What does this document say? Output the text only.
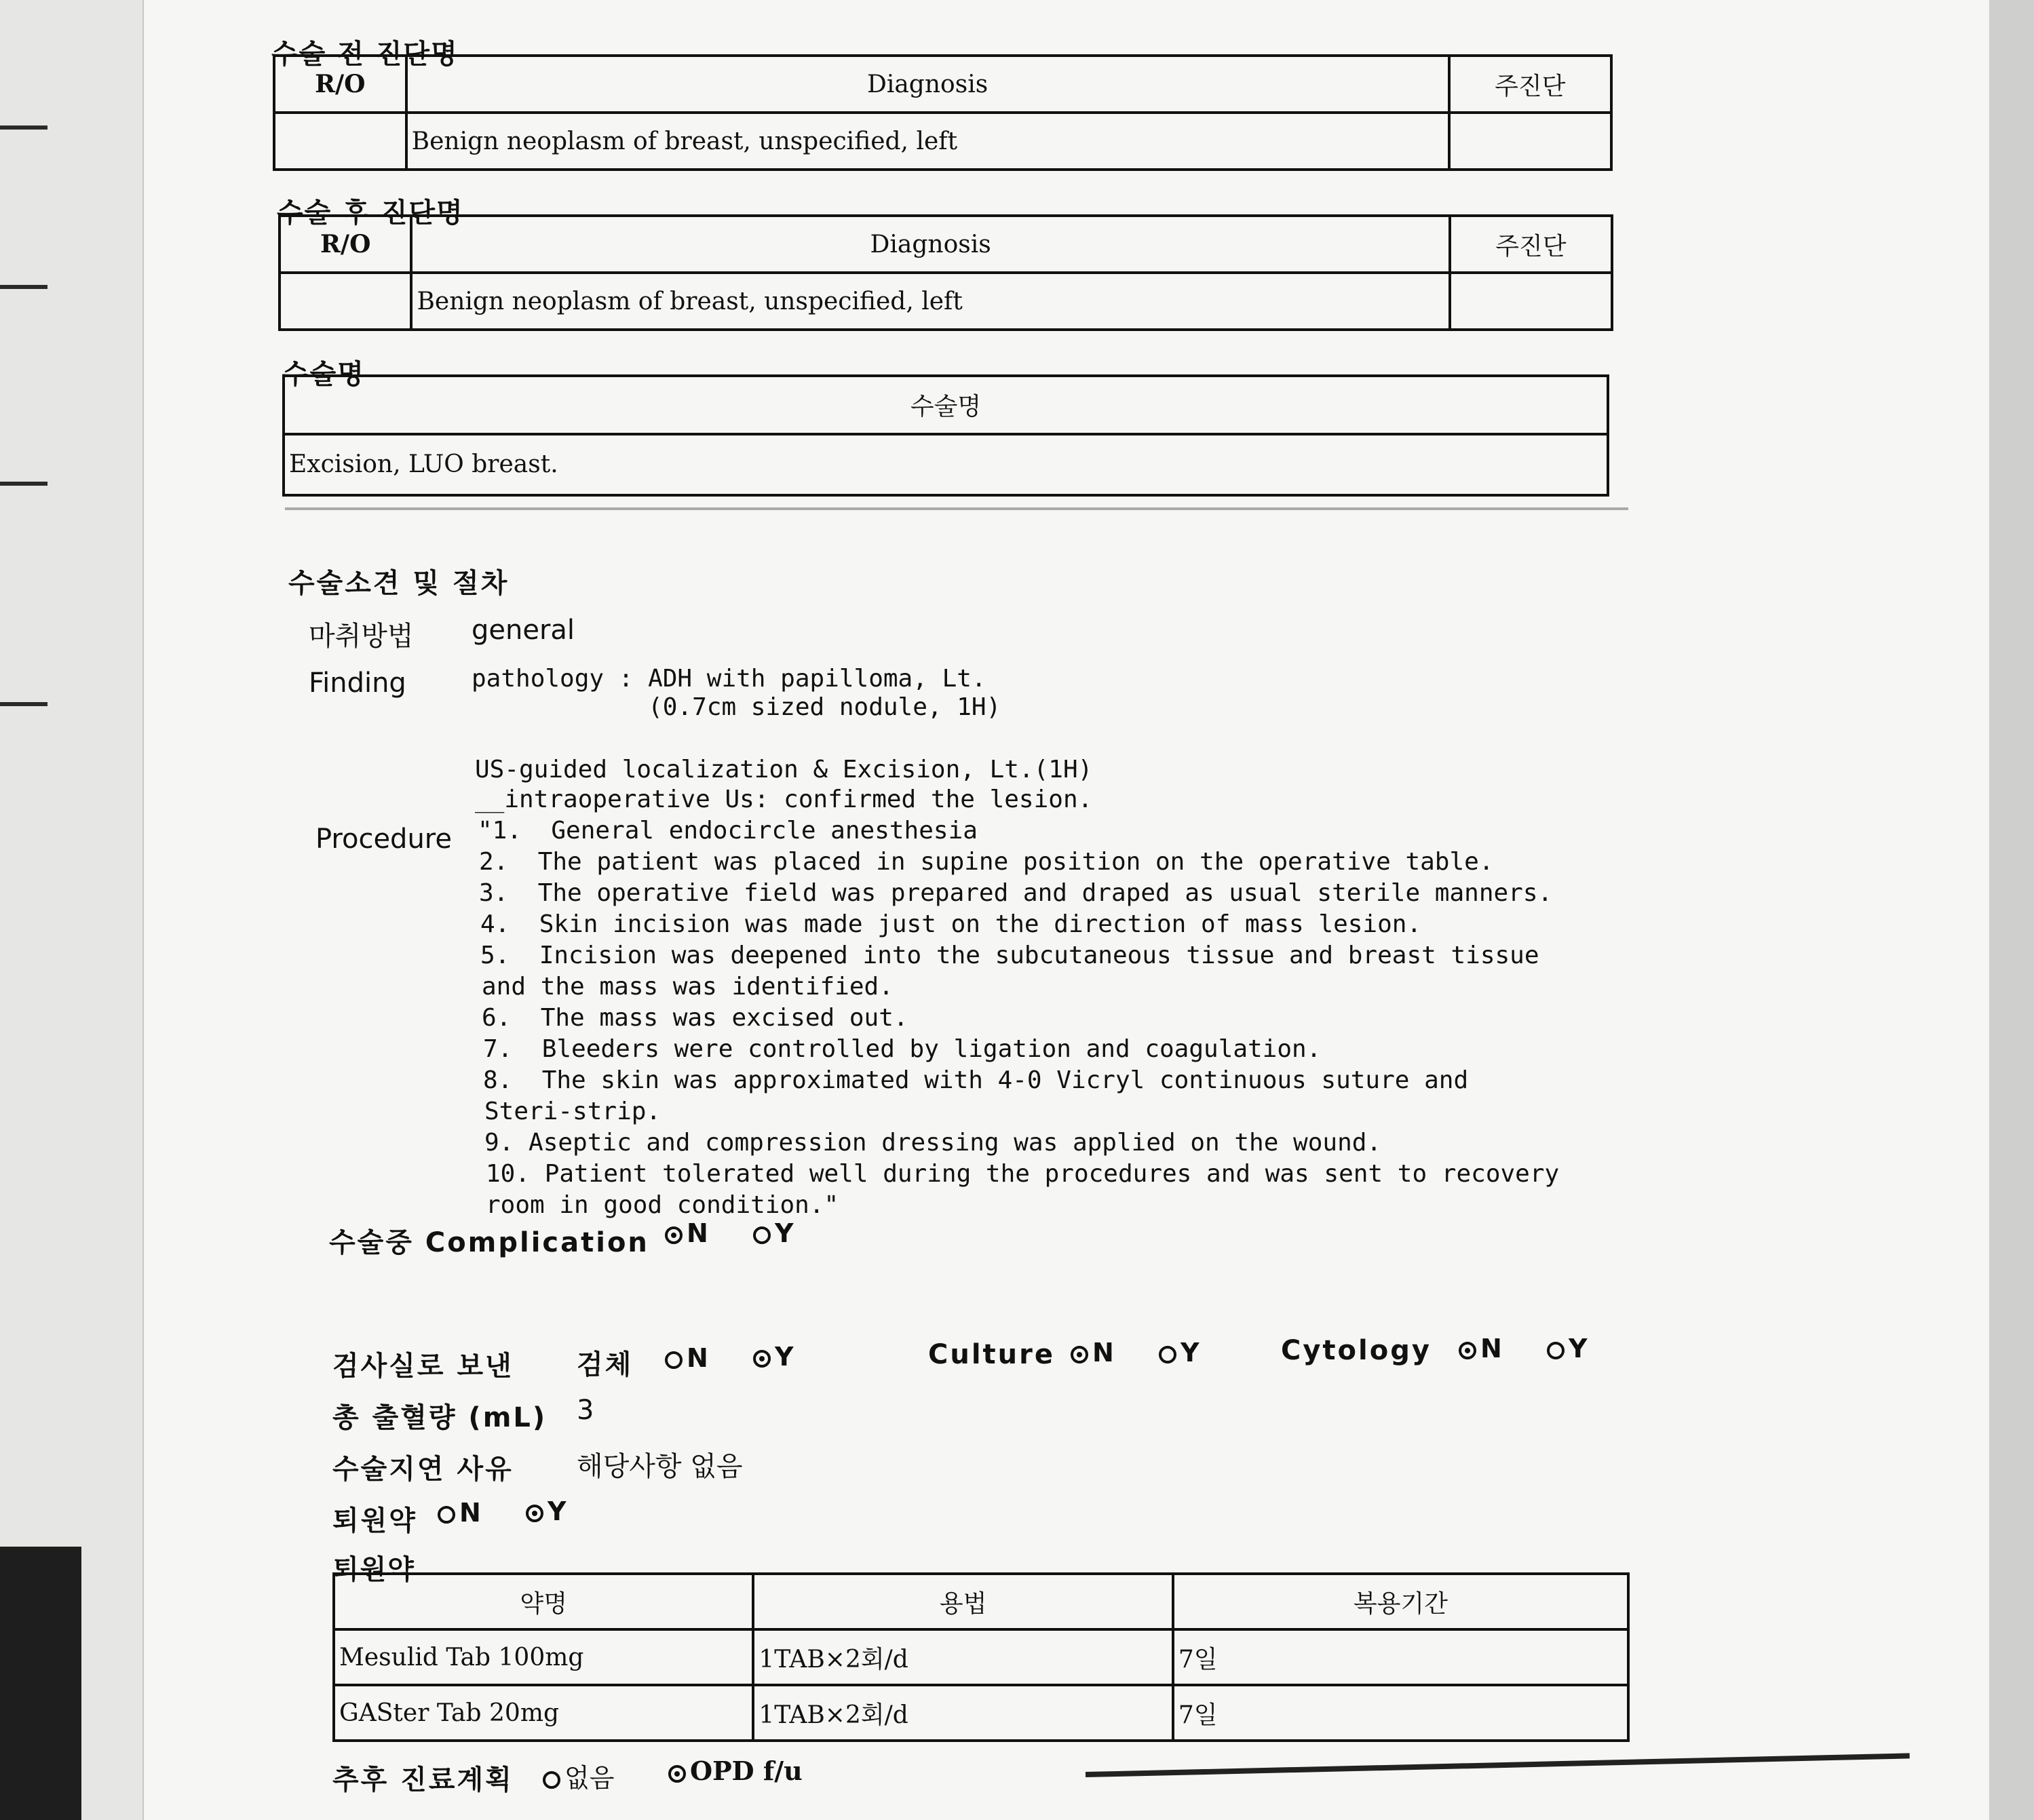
수술 전 진단명
R/O	Diagnosis	주진단
	Benign neoplasm of breast, unspecified, left	
수술 후 진단명
R/O	Diagnosis	주진단
	Benign neoplasm of breast, unspecified, left	
수술명
수술명
Excision, LUO breast.
수술소견 및 절차
마취방법 general
Finding	pathology : ADH with papilloma, Lt.
(0.7cm sized nodule, 1H)
Procedure
US-guided localization & Excision, Lt.(1H)
__intraoperative Us: confirmed the lesion.
"1.  General endocircle anesthesia
2.  The patient was placed in supine position on the operative table.
3.  The operative field was prepared and draped as usual sterile manners.
4.  Skin incision was made just on the direction of mass lesion.
5.  Incision was deepened into the subcutaneous tissue and breast tissue
and the mass was identified.
6.  The mass was excised out.
7.  Bleeders were controlled by ligation and coagulation.
8.  The skin was approximated with 4-0 Vicryl continuous suture and
Steri-strip.
9. Aseptic and compression dressing was applied on the wound.
10. Patient tolerated well during the procedures and was sent to recovery
room in good condition."
수술중 Complication	N	Y
검사실로 보낸 검체	N	Y	Culture	N	Y	Cytology	N	Y
총 출혈량 (mL) 3
수술지연 사유 해당사항 없음
퇴원약	N	Y
퇴원약
약명	용법	복용기간
Mesulid Tab 100mg	1TAB×2회/d	7일
GASter Tab 20mg	1TAB×2회/d	7일
추후 진료계획	없음	OPD f/u
